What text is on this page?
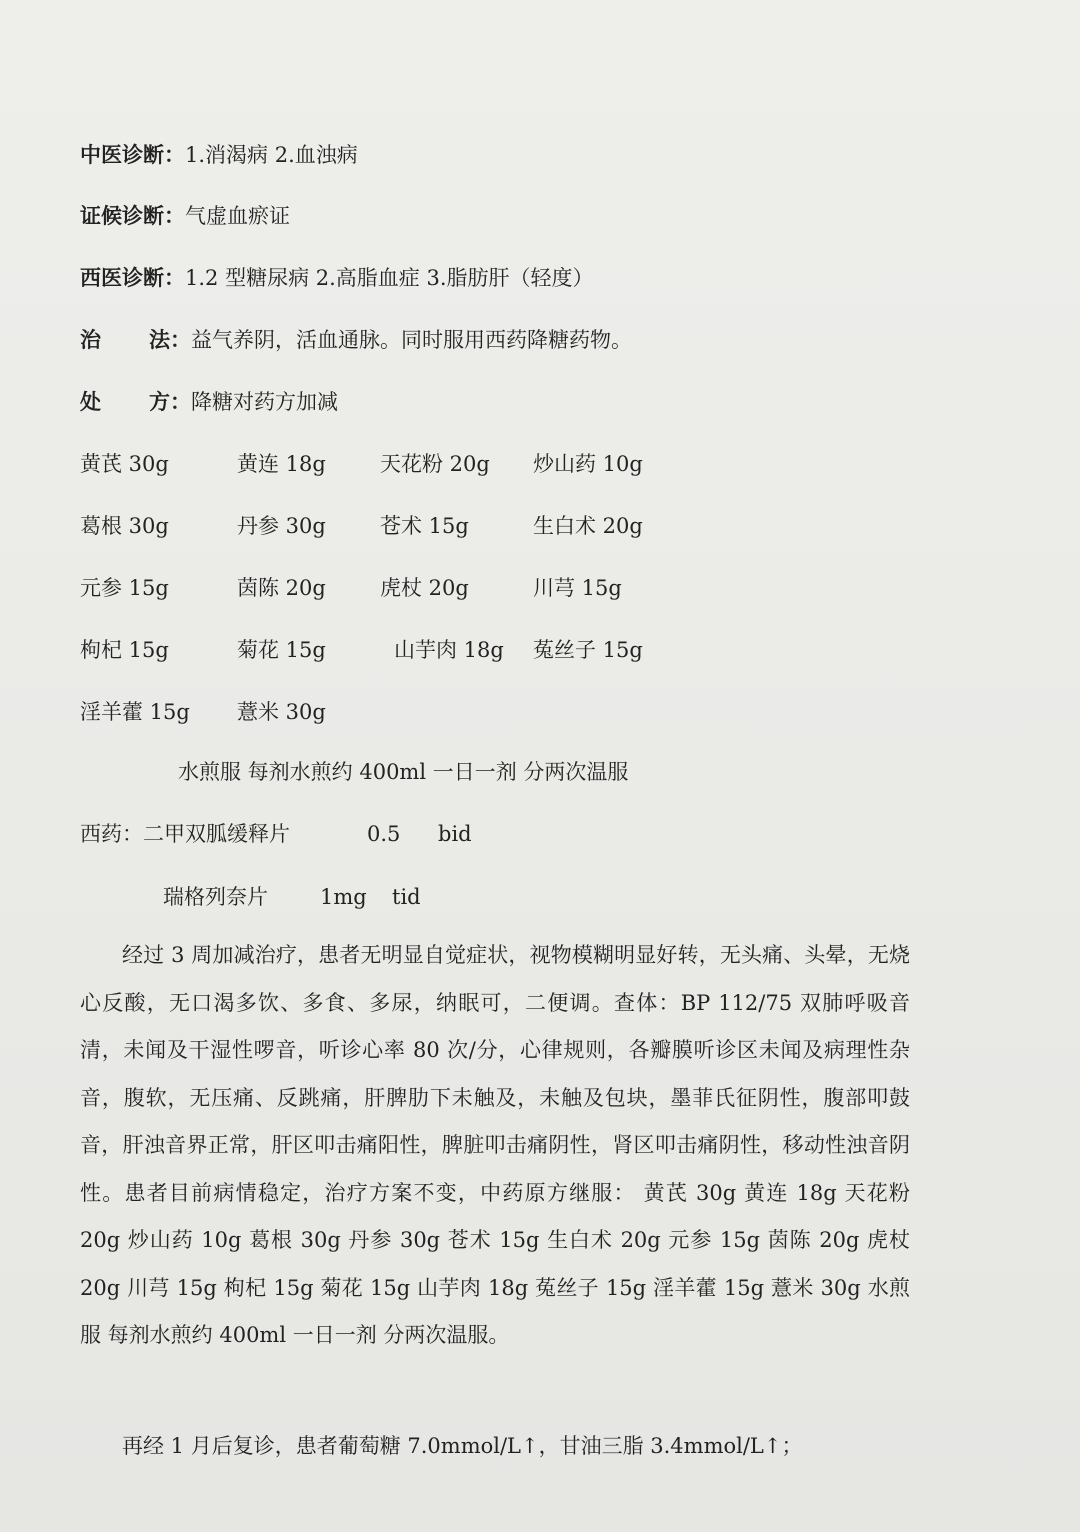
中医诊断：1.消渴病 2.血浊病
证候诊断：气虚血瘀证
西医诊断：1.2 型糖尿病 2.高脂血症 3.脂肪肝（轻度）
治 法：益气养阴，活血通脉。同时服用西药降糖药物。
处 方：降糖对药方加减
黄芪 30g	黄连 18g	天花粉 20g 炒山药 10g
葛根 30g	丹参 30g	苍术 15g	生白术 20g
元参 15g	茵陈 20g	虎杖 20g	川芎 15g
枸杞 15g	菊花 15g	山芋肉 18g 菟丝子 15g
淫羊藿 15g 薏米 30g
水煎服 每剂水煎约 400ml 一日一剂 分两次温服
西药：二甲双胍缓释片	0.5 bid
瑞格列奈片 1mg tid

经过 3 周加减治疗，患者无明显自觉症状，视物模糊明显好转，无头痛、头晕，无烧心反酸，无口渴多饮、多食、多尿，纳眠可，二便调。查体：BP 112/75 双肺呼吸音清，未闻及干湿性啰音，听诊心率 80 次/分，心律规则，各瓣膜听诊区未闻及病理性杂音，腹软，无压痛、反跳痛，肝脾肋下未触及，未触及包块，墨菲氏征阴性，腹部叩鼓音，肝浊音界正常，肝区叩击痛阳性，脾脏叩击痛阴性，肾区叩击痛阴性，移动性浊音阴性。患者目前病情稳定，治疗方案不变，中药原方继服： 黄芪 30g 黄连 18g 天花粉 20g 炒山药 10g 葛根 30g 丹参 30g 苍术 15g 生白术 20g 元参 15g 茵陈 20g 虎杖 20g 川芎 15g 枸杞 15g 菊花 15g 山芋肉 18g 菟丝子 15g 淫羊藿 15g 薏米 30g 水煎服 每剂水煎约 400ml 一日一剂 分两次温服。

再经 1 月后复诊，患者葡萄糖 7.0mmol/L↑，甘油三脂 3.4mmol/L↑；
